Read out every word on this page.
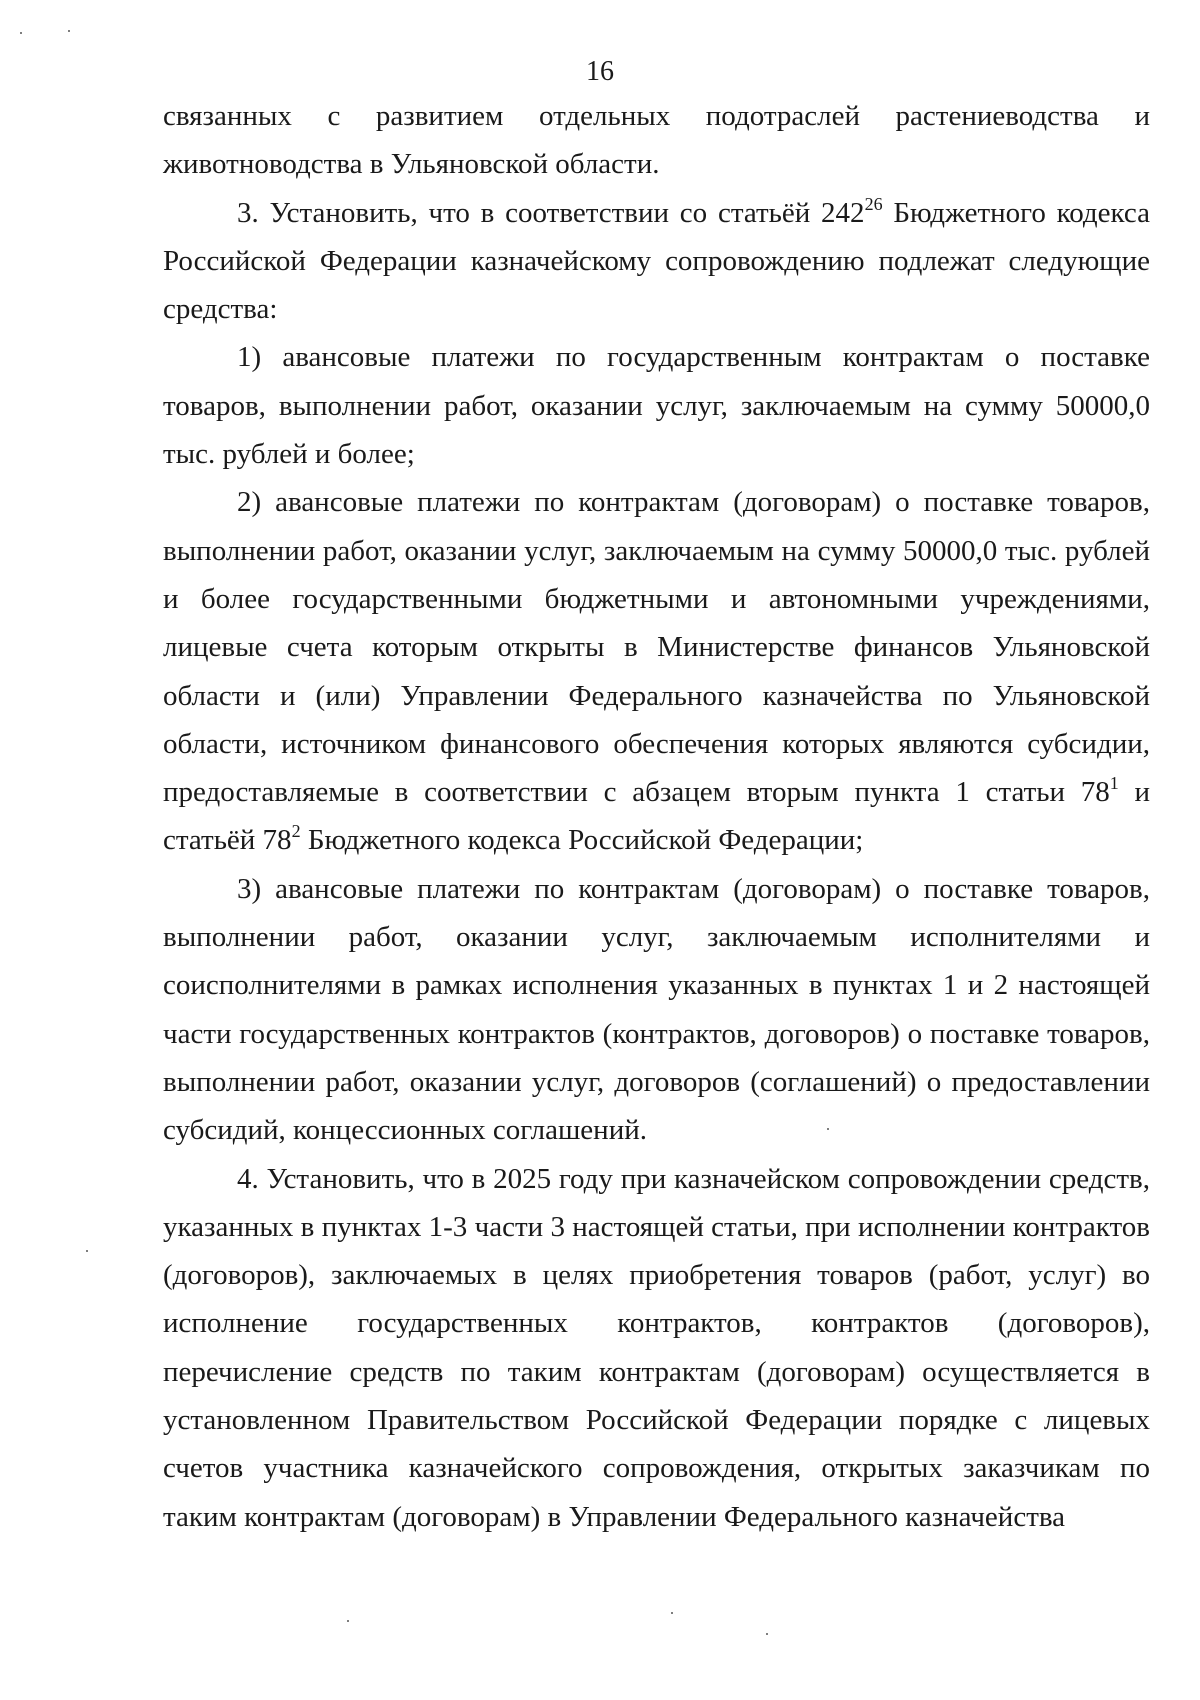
16

связанных с развитием отдельных подотраслей растениеводства и животноводства в Ульяновской области.

3. Установить, что в соответствии со статьёй $242^{26}$ Бюджетного кодекса Российской Федерации казначейскому сопровождению подлежат следующие средства:

1) авансовые платежи по государственным контрактам о поставке товаров, выполнении работ, оказании услуг, заключаемым на сумму 50000,0 тыс. рублей и более;

2) авансовые платежи по контрактам (договорам) о поставке товаров, выполнении работ, оказании услуг, заключаемым на сумму 50000,0 тыс. рублей и более государственными бюджетными и автономными учреждениями, лицевые счета которым открыты в Министерстве финансов Ульяновской области и (или) Управлении Федерального казначейства по Ульяновской области, источником финансового обеспечения которых являются субсидии, предоставляемые в соответствии с абзацем вторым пункта 1 статьи $78^1$ и статьёй $78^2$ Бюджетного кодекса Российской Федерации;

3) авансовые платежи по контрактам (договорам) о поставке товаров, выполнении работ, оказании услуг, заключаемым исполнителями и соисполнителями в рамках исполнения указанных в пунктах 1 и 2 настоящей части государственных контрактов (контрактов, договоров) о поставке товаров, выполнении работ, оказании услуг, договоров (соглашений) о предоставлении субсидий, концессионных соглашений.

4. Установить, что в 2025 году при казначейском сопровождении средств, указанных в пунктах 1-3 части 3 настоящей статьи, при исполнении контрактов (договоров), заключаемых в целях приобретения товаров (работ, услуг) во исполнение государственных контрактов, контрактов (договоров), перечисление средств по таким контрактам (договорам) осуществляется в установленном Правительством Российской Федерации порядке с лицевых счетов участника казначейского сопровождения, открытых заказчикам по таким контрактам (договорам) в Управлении Федерального казначейства
